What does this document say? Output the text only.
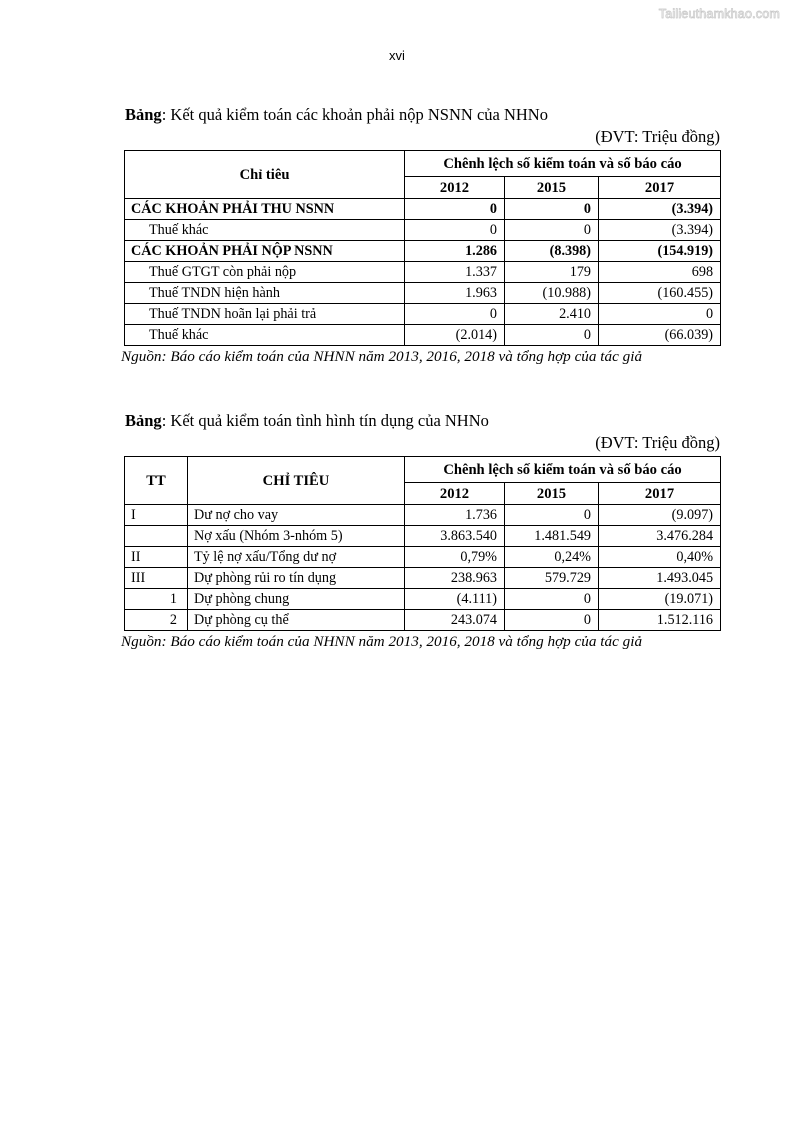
Tailieuthamkhao.com
xvi
Bảng: Kết quả kiểm toán các khoản phải nộp NSNN của NHNo
(ĐVT: Triệu đồng)
Chỉ tiêu	Chênh lệch số kiểm toán và số báo cáo		
	2012	2015	2017
CÁC KHOẢN PHẢI THU NSNN	0	0	(3.394)
Thuế khác	0	0	(3.394)
CÁC KHOẢN PHẢI NỘP NSNN	1.286	(8.398)	(154.919)
Thuế GTGT còn phải nộp	1.337	179	698
Thuế TNDN hiện hành	1.963	(10.988)	(160.455)
Thuế TNDN hoãn lại phải trả	0	2.410	0
Thuế khác	(2.014)	0	(66.039)
Nguồn: Báo cáo kiểm toán của NHNN năm 2013, 2016, 2018 và tổng hợp của tác giả
Bảng: Kết quả kiểm toán tình hình tín dụng của NHNo
(ĐVT: Triệu đồng)
TT	CHỈ TIÊU	Chênh lệch số kiểm toán và số báo cáo		
		2012	2015	2017
I	Dư nợ cho vay	1.736	0	(9.097)
	Nợ xấu (Nhóm 3-nhóm 5)	3.863.540	1.481.549	3.476.284
II	Tỷ lệ nợ xấu/Tổng dư nợ	0,79%	0,24%	0,40%
III	Dự phòng rủi ro tín dụng	238.963	579.729	1.493.045
1	Dự phòng chung	(4.111)	0	(19.071)
2	Dự phòng cụ thể	243.074	0	1.512.116
Nguồn: Báo cáo kiểm toán của NHNN năm 2013, 2016, 2018 và tổng hợp của tác giả
